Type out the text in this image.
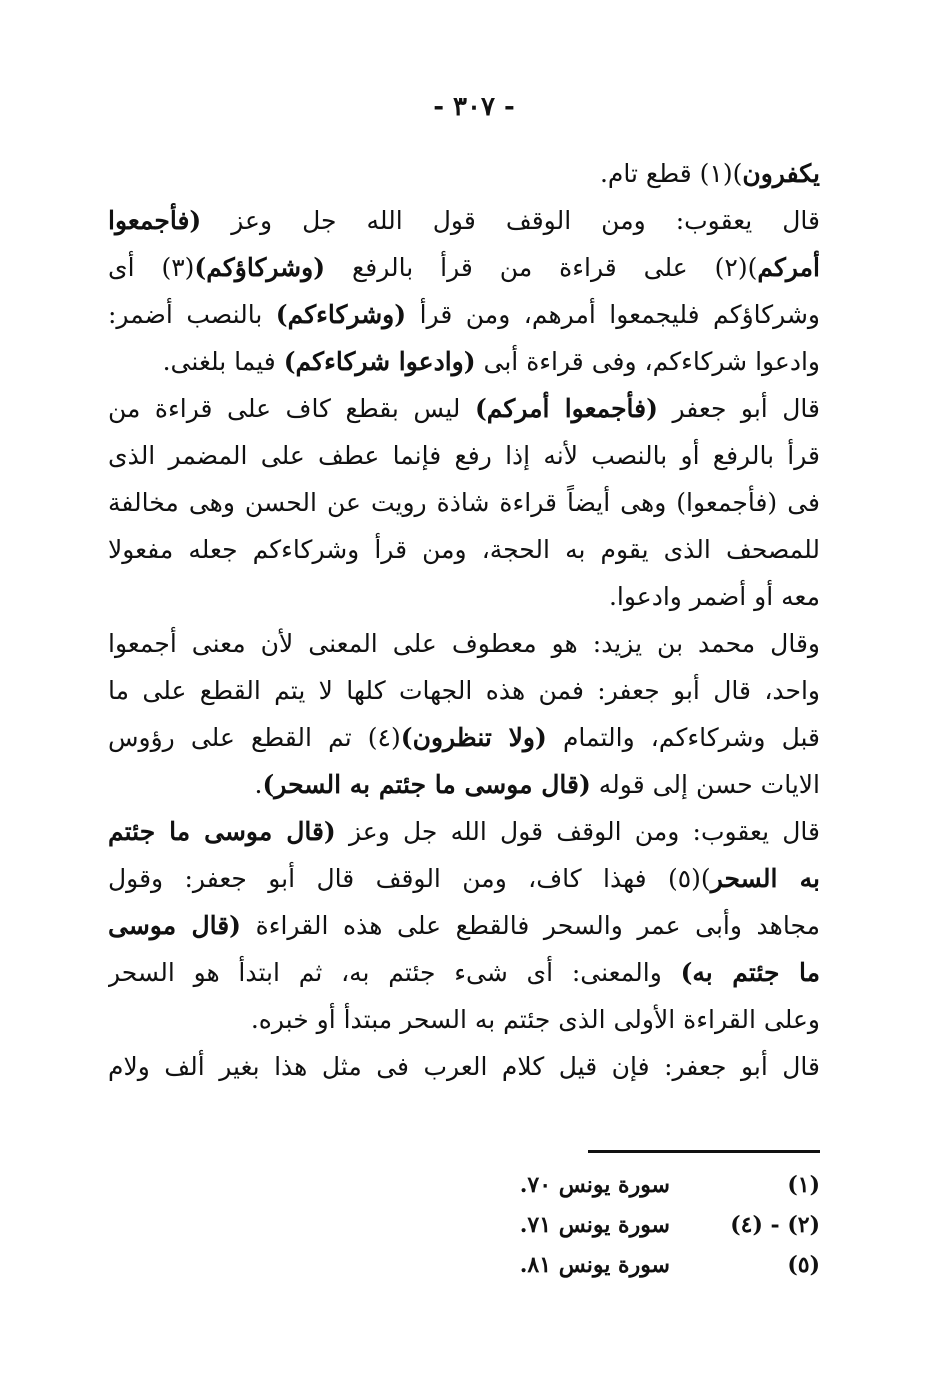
- ٣٠٧ -
يكفرون)(١) قطع تام.
قال يعقوب: ومن الوقف قول الله جل وعز (فأجمعوا
أمركم)(٢) على قراءة من قرأ بالرفع (وشركاؤكم)(٣) أى
وشركاؤكم فليجمعوا أمرهم، ومن قرأ (وشركاءكم) بالنصب أضمر:
وادعوا شركاءكم، وفى قراءة أبى (وادعوا شركاءكم) فيما بلغنى.
قال أبو جعفر (فأجمعوا أمركم) ليس بقطع كاف على قراءة من
قرأ بالرفع أو بالنصب لأنه إذا رفع فإنما عطف على المضمر الذى
فى (فأجمعوا) وهى أيضاً قراءة شاذة رويت عن الحسن وهى مخالفة
للمصحف الذى يقوم به الحجة، ومن قرأ وشركاءكم جعله مفعولا
معه أو أضمر وادعوا.
وقال محمد بن يزيد: هو معطوف على المعنى لأن معنى أجمعوا
واحد، قال أبو جعفر: فمن هذه الجهات كلها لا يتم القطع على ما
قبل وشركاءكم، والتمام (ولا تنظرون)(٤) تم القطع على رؤوس
الايات حسن إلى قوله (قال موسى ما جئتم به السحر).
قال يعقوب: ومن الوقف قول الله جل وعز (قال موسى ما جئتم
به السحر)(٥) فهذا كاف، ومن الوقف قال أبو جعفر: وقول
مجاهد وأبى عمر والسحر فالقطع على هذه القراءة (قال موسى
ما جئتم به) والمعنى: أى شىء جئتم به، ثم ابتدأ هو السحر
وعلى القراءة الأولى الذى جئتم به السحر مبتدأ أو خبره.
قال أبو جعفر: فإن قيل كلام العرب فى مثل هذا بغير ألف ولام
(١)
سورة يونس ٧٠.
(٢) - (٤)
سورة يونس ٧١.
(٥)
سورة يونس ٨١.
